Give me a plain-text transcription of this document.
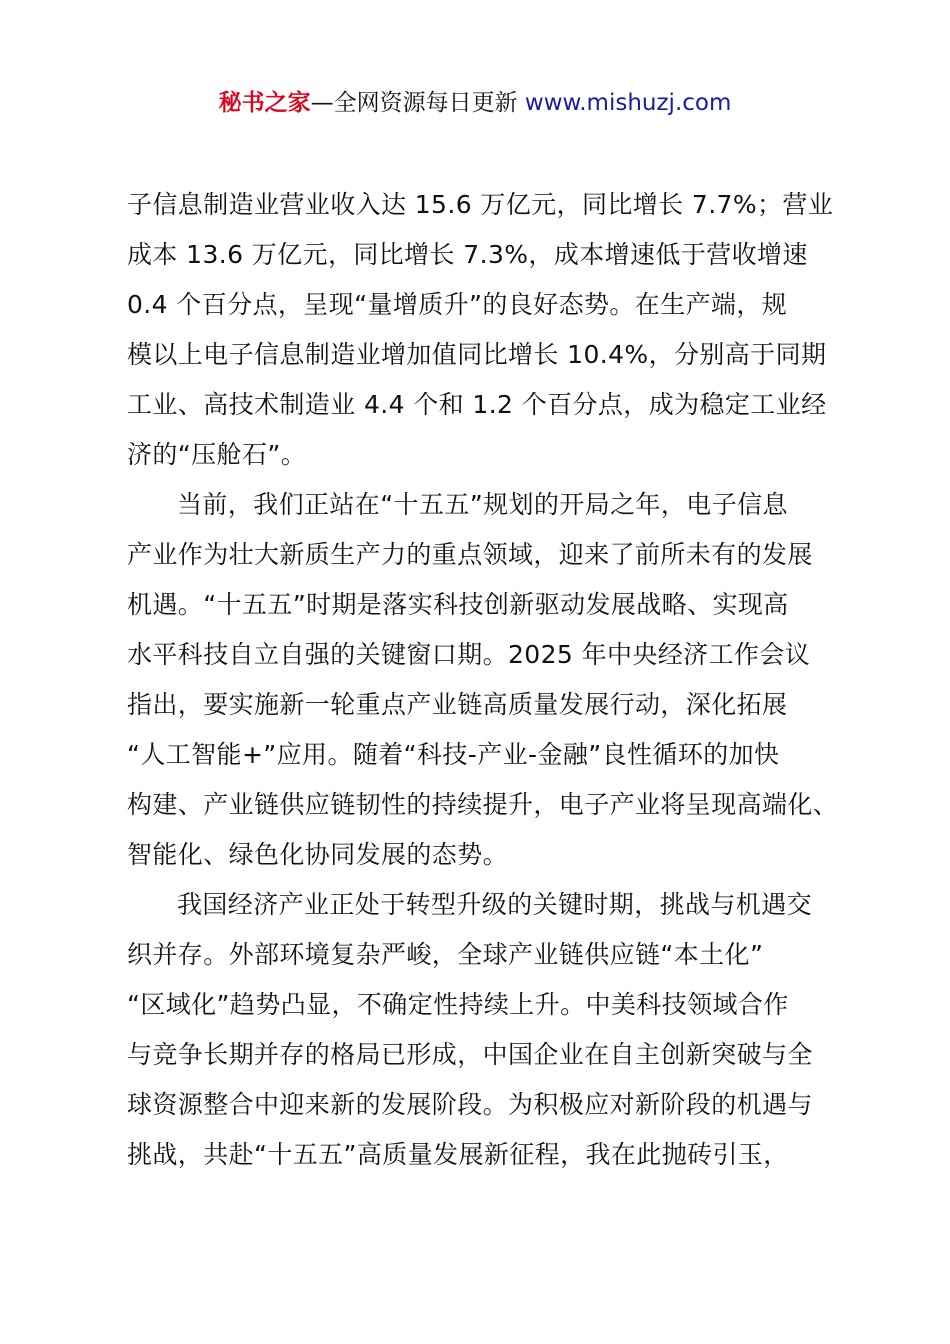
秘书之家—全网资源每日更新 www.mishuzj.com
子信息制造业营业收入达 15.6 万亿元，同比增长 7.7%；营业
成本 13.6 万亿元，同比增长 7.3%，成本增速低于营收增速
0.4 个百分点，呈现“量增质升”的良好态势。在生产端，规
模以上电子信息制造业增加值同比增长 10.4%，分别高于同期
工业、高技术制造业 4.4 个和 1.2 个百分点，成为稳定工业经
济的“压舱石”。
当前，我们正站在“十五五”规划的开局之年，电子信息
产业作为壮大新质生产力的重点领域，迎来了前所未有的发展
机遇。“十五五”时期是落实科技创新驱动发展战略、实现高
水平科技自立自强的关键窗口期。2025 年中央经济工作会议
指出，要实施新一轮重点产业链高质量发展行动，深化拓展
“人工智能+”应用。随着“科技-产业-金融”良性循环的加快
构建、产业链供应链韧性的持续提升，电子产业将呈现高端化、
智能化、绿色化协同发展的态势。
我国经济产业正处于转型升级的关键时期，挑战与机遇交
织并存。外部环境复杂严峻，全球产业链供应链“本土化”
“区域化”趋势凸显，不确定性持续上升。中美科技领域合作
与竞争长期并存的格局已形成，中国企业在自主创新突破与全
球资源整合中迎来新的发展阶段。为积极应对新阶段的机遇与
挑战，共赴“十五五”高质量发展新征程，我在此抛砖引玉，
